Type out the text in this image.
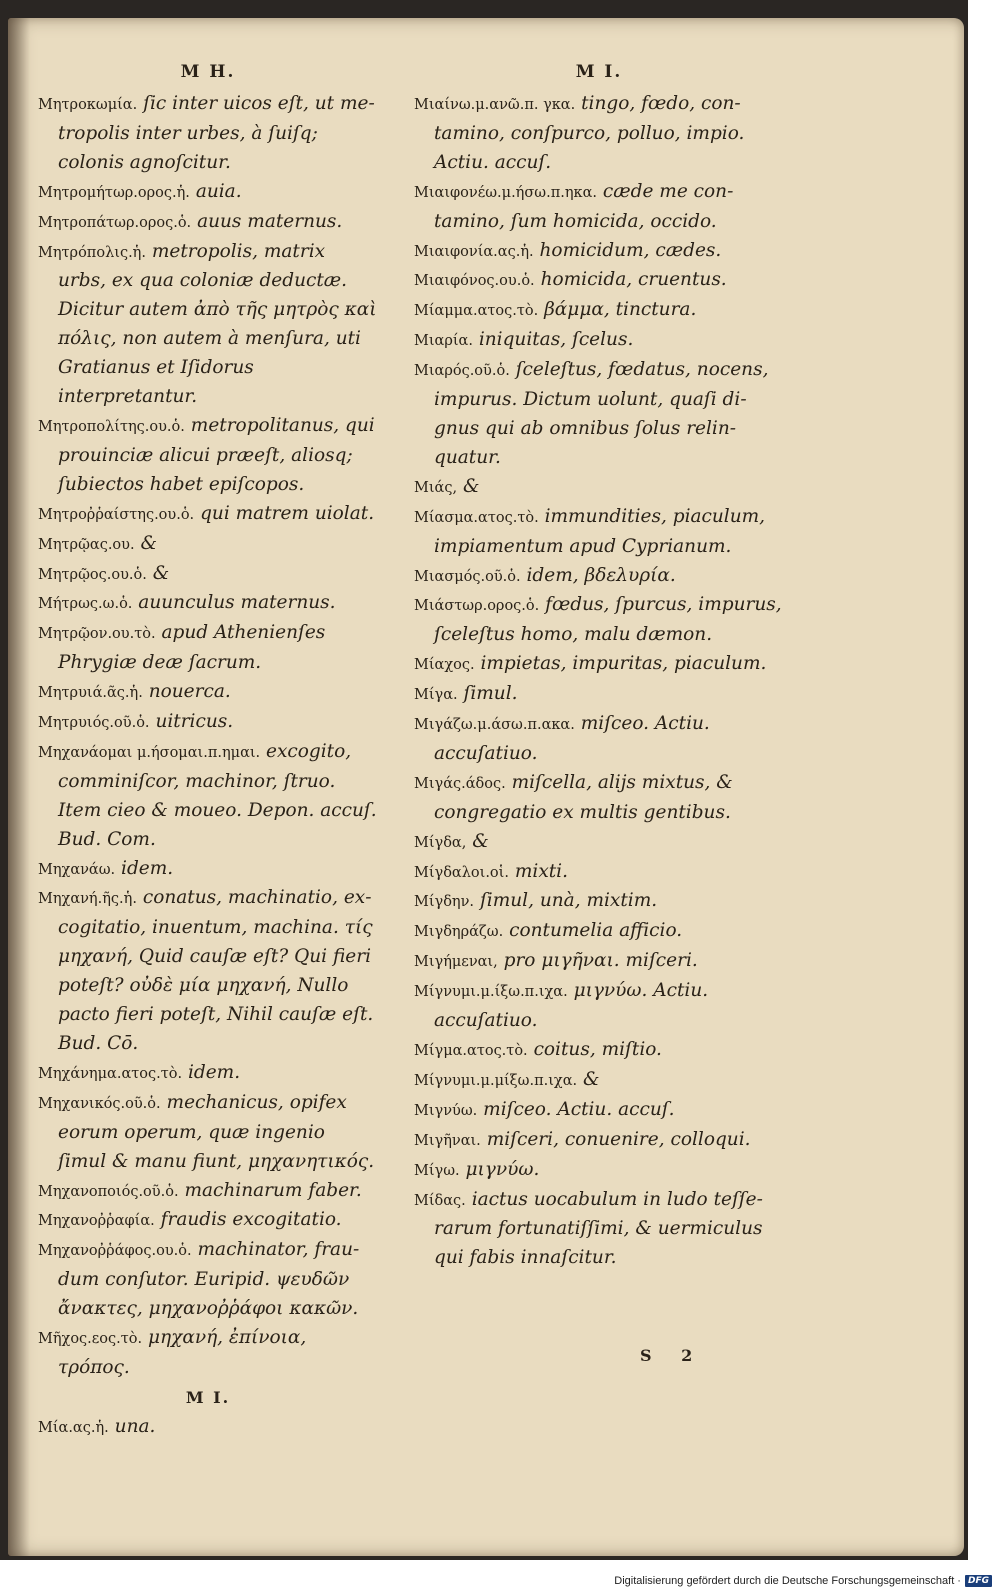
M H.
Μητροκωμία. ſic inter uicos eſt, ut metropolis inter urbes, à ſuiſq; colonis agnoſcitur.
Μητρομήτωρ.ορος.ἡ. auia.
Μητροπάτωρ.ορος.ὁ. auus maternus.
Μητρόπολις.ἡ. metropolis, matrix urbs, ex qua coloniæ deductæ. Dicitur autem ἀπὸ τῆς μητρὸς καὶ πόλις, non autem à menſura, uti Gratianus et Iſidorus interpretantur.
Μητροπολίτης.ου.ὁ. metropolitanus, qui prouinciæ alicui præeſt, aliosq; ſubiectos habet epiſcopos.
Μητροῤῥαίστης.ου.ὁ. qui matrem uiolat.
Μητρῷας.ου. &
Μητρῷος.ου.ὁ. &
Μήτρως.ω.ὁ. auunculus maternus.
Μητρῷον.ου.τὸ. apud Athenienſes Phrygiæ deæ ſacrum.
Μητρυιά.ᾶς.ἡ. nouerca.
Μητρυιός.οῦ.ὁ. uitricus.
Μηχανάομαι μ.ήσομαι.π.ημαι. excogito, comminiſcor, machinor, ſtruo. Item cieo & moueo. Depon. accuſ. Bud. Com.
Μηχανάω. idem.
Μηχανή.ῆς.ἡ. conatus, machinatio, excogitatio, inuentum, machina. τίς μηχανή, Quid cauſæ eſt? Qui fieri poteſt? οὐδὲ μία μηχανή, Nullo pacto fieri poteſt, Nihil cauſæ eſt. Bud. Cō.
Μηχάνημα.ατος.τὸ. idem.
Μηχανικός.οῦ.ὁ. mechanicus, opifex eorum operum, quæ ingenio ſimul & manu fiunt, μηχανητικός.
Μηχανοποιός.οῦ.ὁ. machinarum faber.
Μηχανοῤῥαφία. fraudis excogitatio.
Μηχανοῤῥάφος.ου.ὁ. machinator, fraudum conſutor. Euripid. ψευδῶν ἄνακτες, μηχανοῤῥάφοι κακῶν.
Μῆχος.εος.τὸ. μηχανή, ἐπίνοια, τρόπος.
M I.
Μία.ας.ἡ. una.
M I.
Μιαίνω.μ.ανῶ.π. γκα. tingo, fœdo, contamino, conſpurco, polluo, impio. Actiu. accuſ.
Μιαιφονέω.μ.ήσω.π.ηκα. cæde me contamino, ſum homicida, occido.
Μιαιφονία.ας.ἡ. homicidum, cædes.
Μιαιφόνος.ου.ὁ. homicida, cruentus.
Μίαμμα.ατος.τὸ. βάμμα, tinctura.
Μιαρία. iniquitas, ſcelus.
Μιαρός.οῦ.ὁ. ſceleſtus, fœdatus, nocens, impurus. Dictum uolunt, quaſi dignus qui ab omnibus ſolus relinquatur.
Μιάς, &
Μίασμα.ατος.τὸ. immundities, piaculum, impiamentum apud Cyprianum.
Μιασμός.οῦ.ὁ. idem, βδελυρία.
Μιάστωρ.ορος.ὁ. fœdus, ſpurcus, impurus, ſceleſtus homo, malu dæmon.
Μίαχος. impietas, impuritas, piaculum.
Μίγα. ſimul.
Μιγάζω.μ.άσω.π.ακα. miſceo. Actiu. accuſatiuo.
Μιγάς.άδος. miſcella, alijs mixtus, & congregatio ex multis gentibus.
Μίγδα, &
Μίγδαλοι.οἱ. mixti.
Μίγδην. ſimul, unà, mixtim.
Μιγδηράζω. contumelia afficio.
Μιγήμεναι, pro μιγῆναι. miſceri.
Μίγνυμι.μ.ίξω.π.ιχα. μιγνύω. Actiu. accuſatiuo.
Μίγμα.ατος.τὸ. coitus, miſtio.
Μίγνυμι.μ.μίξω.π.ιχα. &
Μιγνύω. miſceo. Actiu. accuſ.
Μιγῆναι. miſceri, conuenire, colloqui.
Μίγω. μιγνύω.
Μίδας. iactus uocabulum in ludo teſſerarum fortunatiſſimi, & uermiculus qui fabis innaſcitur.
S 2
Digitalisierung gefördert durch die Deutsche Forschungsgemeinschaft · DFG
